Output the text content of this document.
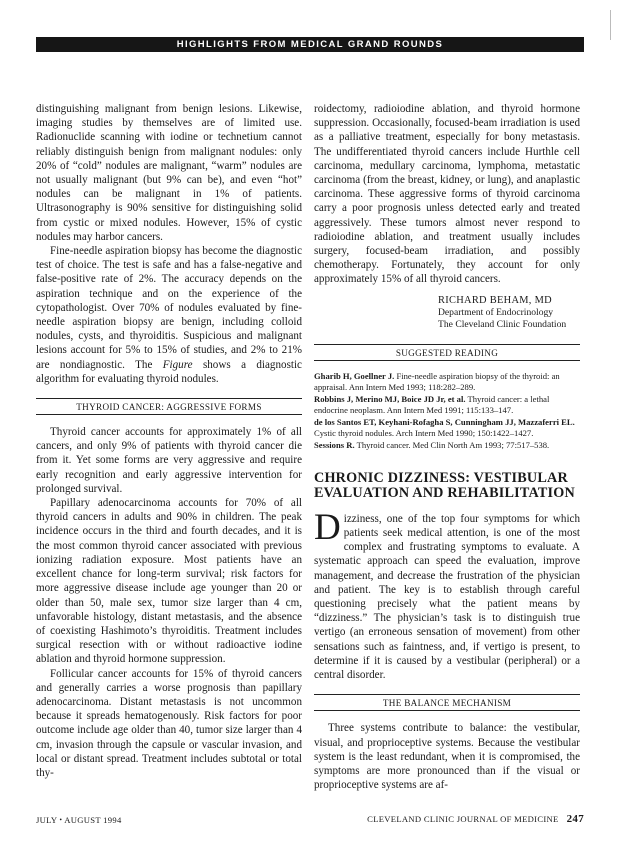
HIGHLIGHTS FROM MEDICAL GRAND ROUNDS

distinguishing malignant from benign lesions. Likewise, imaging studies by themselves are of limited use. Radionuclide scanning with iodine or technetium cannot reliably distinguish benign from malignant nodules: only 20% of “cold” nodules are malignant, “warm” nodules are not usually malignant (but 9% can be), and even “hot” nodules can be malignant in 1% of patients. Ultrasonography is 90% sensitive for distinguishing solid from cystic or mixed nodules. However, 15% of cystic nodules may harbor cancers.

Fine-needle aspiration biopsy has become the diagnostic test of choice. The test is safe and has a false-negative and false-positive rate of 2%. The accuracy depends on the aspiration technique and on the experience of the cytopathologist. Over 70% of nodules evaluated by fine-needle aspiration biopsy are benign, including colloid nodules, cysts, and thyroiditis. Suspicious and malignant lesions account for 5% to 15% of studies, and 2% to 21% are nondiagnostic. The Figure shows a diagnostic algorithm for evaluating thyroid nodules.

THYROID CANCER: AGGRESSIVE FORMS

Thyroid cancer accounts for approximately 1% of all cancers, and only 9% of patients with thyroid cancer die from it. Yet some forms are very aggressive and require early recognition and early aggressive intervention for prolonged survival.

Papillary adenocarcinoma accounts for 70% of all thyroid cancers in adults and 90% in children. The peak incidence occurs in the third and fourth decades, and it is the most common thyroid cancer associated with previous ionizing radiation exposure. Most patients have an excellent chance for long-term survival; risk factors for more aggressive disease include age younger than 20 or older than 50, male sex, tumor size larger than 4 cm, unfavorable histology, distant metastasis, and the absence of coexisting Hashimoto’s thyroiditis. Treatment includes surgical resection with or without radioactive iodine ablation and thyroid hormone suppression.

Follicular cancer accounts for 15% of thyroid cancers and generally carries a worse prognosis than papillary adenocarcinoma. Distant metastasis is not uncommon because it spreads hematogenously. Risk factors for poor outcome include age older than 40, tumor size larger than 4 cm, invasion through the capsule or vascular invasion, and local or distant spread. Treatment includes subtotal or total thy-

roidectomy, radioiodine ablation, and thyroid hormone suppression. Occasionally, focused-beam irradiation is used as a palliative treatment, especially for bony metastasis. The undifferentiated thyroid cancers include Hurthle cell carcinoma, medullary carcinoma, lymphoma, metastatic carcinoma (from the breast, kidney, or lung), and anaplastic carcinoma. These aggressive forms of thyroid carcinoma carry a poor prognosis unless detected early and treated aggressively. These tumors almost never respond to radioiodine ablation, and treatment usually includes surgery, focused-beam irradiation, and possibly chemotherapy. Fortunately, they account for only approximately 15% of all thyroid cancers.

RICHARD BEHAM, MD
Department of Endocrinology
The Cleveland Clinic Foundation
SUGGESTED READING

Gharib H, Goellner J. Fine-needle aspiration biopsy of the thyroid: an appraisal. Ann Intern Med 1993; 118:282–289.

Robbins J, Merino MJ, Boice JD Jr, et al. Thyroid cancer: a lethal endocrine neoplasm. Ann Intern Med 1991; 115:133–147.

de los Santos ET, Keyhani-Rofagha S, Cunningham JJ, Mazzaferri EL. Cystic thyroid nodules. Arch Intern Med 1990; 150:1422–1427.

Sessions R. Thyroid cancer. Med Clin North Am 1993; 77:517–538.

CHRONIC DIZZINESS: VESTIBULAR EVALUATION AND REHABILITATION

Dizziness, one of the top four symptoms for which patients seek medical attention, is one of the most complex and frustrating symptoms to evaluate. A systematic approach can speed the evaluation, improve management, and decrease the frustration of the physician and patient. The key is to establish through careful questioning precisely what the patient means by “dizziness.” The physician’s task is to distinguish true vertigo (an erroneous sensation of movement) from other sensations such as faintness, and, if vertigo is present, to determine if it is caused by a vestibular (peripheral) or a central disorder.

THE BALANCE MECHANISM

Three systems contribute to balance: the vestibular, visual, and proprioceptive systems. Because the vestibular system is the least redundant, when it is compromised, the symptoms are more pronounced than if the visual or proprioceptive systems are af-

JULY • AUGUST 1994	CLEVELAND CLINIC JOURNAL OF MEDICINE 247
